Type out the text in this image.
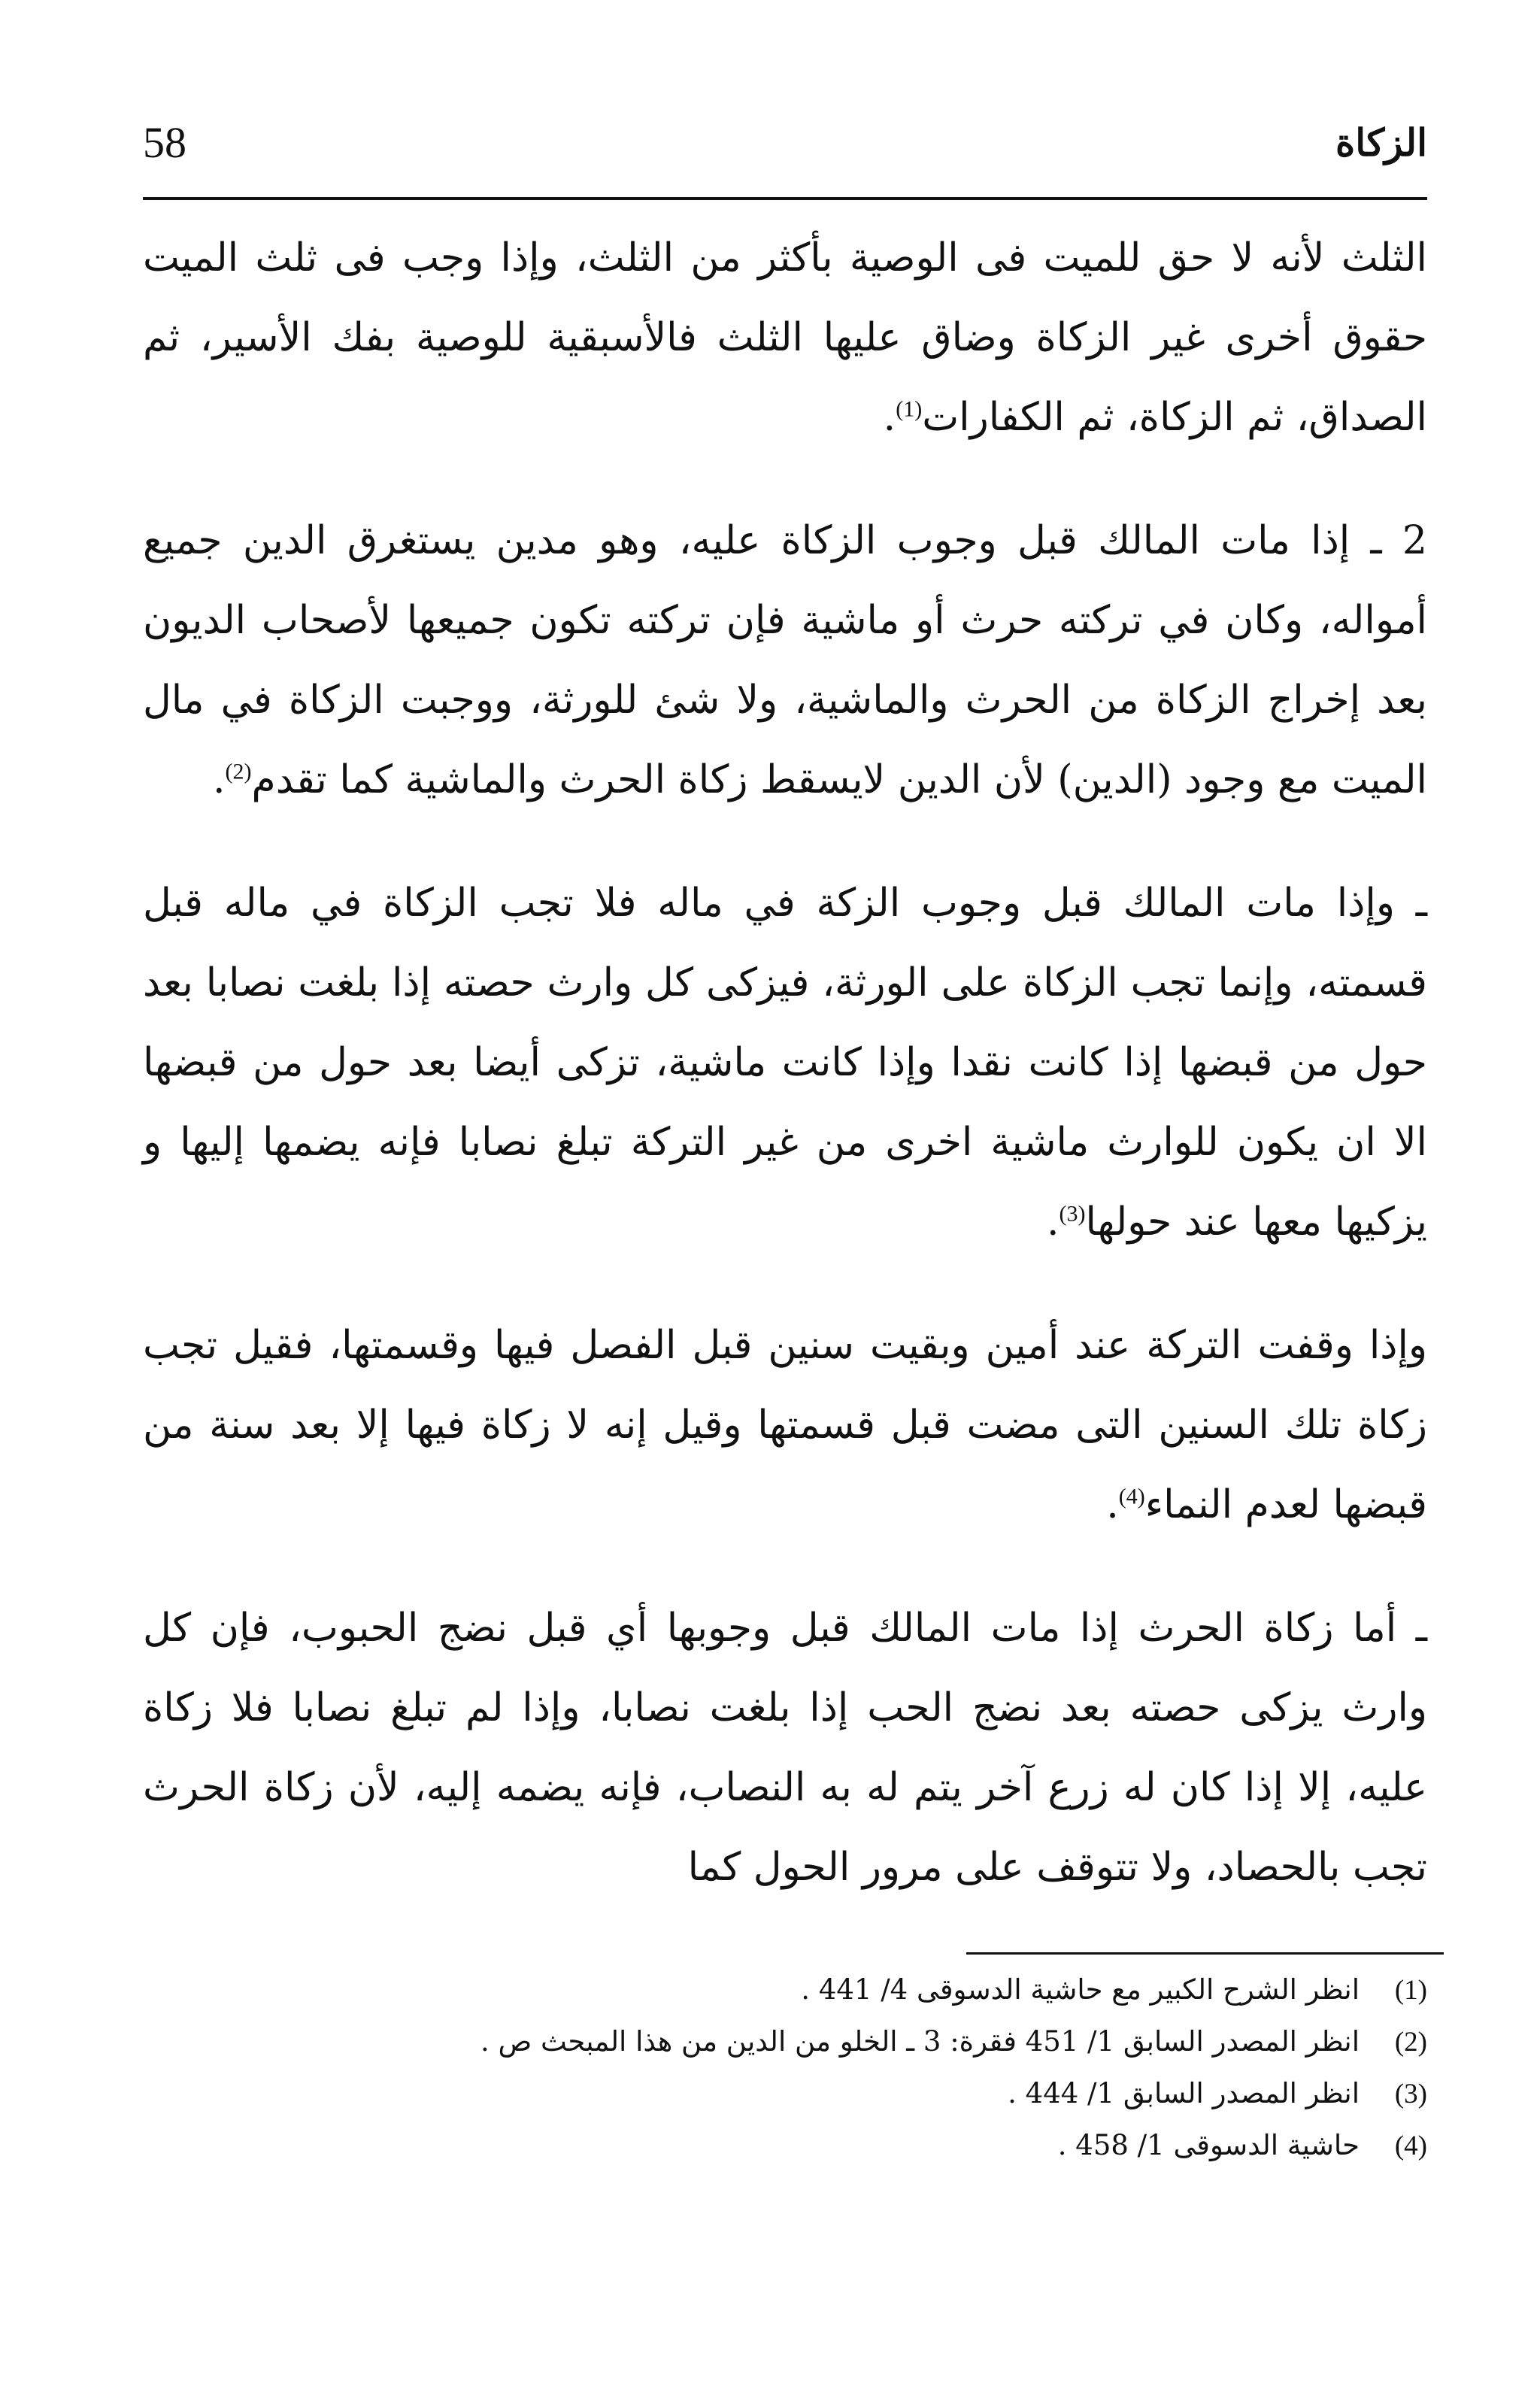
58	الزكاة

الثلث لأنه لا حق للميت فى الوصية بأكثر من الثلث، وإذا وجب فى ثلث الميت حقوق أخرى غير الزكاة وضاق عليها الثلث فالأسبقية للوصية بفك الأسير، ثم الصداق، ثم الزكاة، ثم الكفارات$^{(1)}$.

2 ـ إذا مات المالك قبل وجوب الزكاة عليه، وهو مدين يستغرق الدين جميع أمواله، وكان في تركته حرث أو ماشية فإن تركته تكون جميعها لأصحاب الديون بعد إخراج الزكاة من الحرث والماشية، ولا شئ للورثة، ووجبت الزكاة في مال الميت مع وجود (الدين) لأن الدين لايسقط زكاة الحرث والماشية كما تقدم$^{(2)}$.

ـ وإذا مات المالك قبل وجوب الزكة في ماله فلا تجب الزكاة في ماله قبل قسمته، وإنما تجب الزكاة على الورثة، فيزكى كل وارث حصته إذا بلغت نصابا بعد حول من قبضها إذا كانت نقدا وإذا كانت ماشية، تزكى أيضا بعد حول من قبضها الا ان يكون للوارث ماشية اخرى من غير التركة تبلغ نصابا فإنه يضمها إليها و يزكيها معها عند حولها$^{(3)}$.

وإذا وقفت التركة عند أمين وبقيت سنين قبل الفصل فيها وقسمتها، فقيل تجب زكاة تلك السنين التى مضت قبل قسمتها وقيل إنه لا زكاة فيها إلا بعد سنة من قبضها لعدم النماء$^{(4)}$.

ـ أما زكاة الحرث إذا مات المالك قبل وجوبها أي قبل نضج الحبوب، فإن كل وارث يزكى حصته بعد نضج الحب إذا بلغت نصابا، وإذا لم تبلغ نصابا فلا زكاة عليه، إلا إذا كان له زرع آخر يتم له به النصاب، فإنه يضمه إليه، لأن زكاة الحرث تجب بالحصاد، ولا تتوقف على مرور الحول كما

(1)انظر الشرح الكبير مع حاشية الدسوقى 4/ 441 .

(2)انظر المصدر السابق 1/ 451 فقرة: 3 ـ الخلو من الدين من هذا المبحث ص .

(3)انظر المصدر السابق 1/ 444 .

(4)حاشية الدسوقى 1/ 458 .
